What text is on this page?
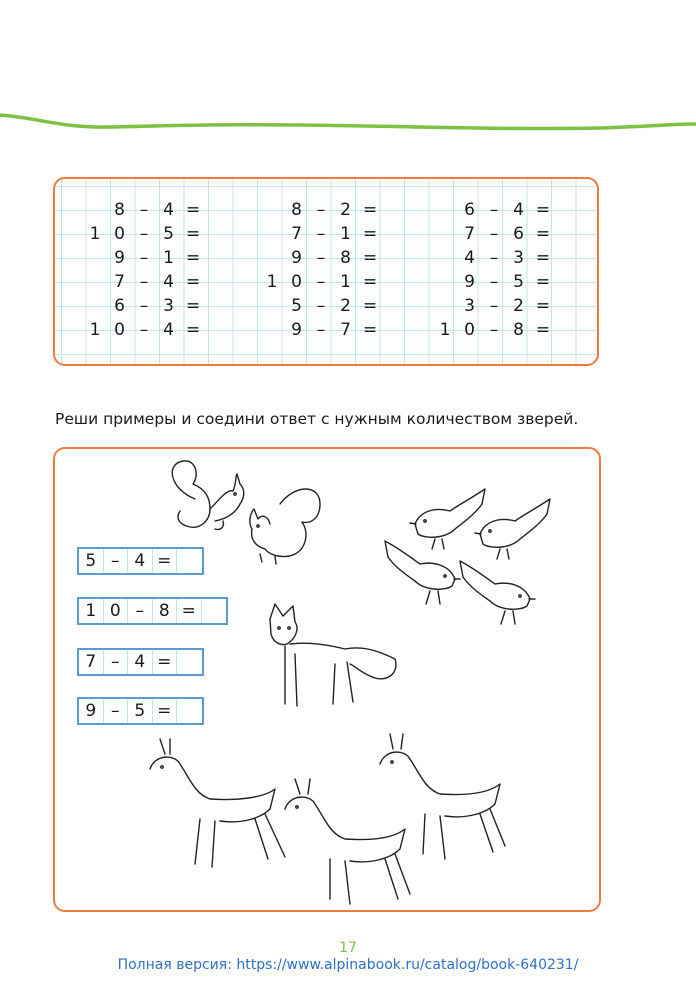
8 – 4 =
1 0 – 5 =
9 – 1 =
7 – 4 =
6 – 3 =
1 0 – 4 =
8 – 2 =
7 – 1 =
9 – 8 =
1 0 – 1 =
5 – 2 =
9 – 7 =
6 – 4 =
7 – 6 =
4 – 3 =
9 – 5 =
3 – 2 =
1 0 – 8 =
Реши примеры и соедини ответ с нужным количеством зверей.
5 – 4 =
1 0 – 8 =
7 – 4 =
9 – 5 =
17
Полная версия: https://www.alpinabook.ru/catalog/book-640231/
